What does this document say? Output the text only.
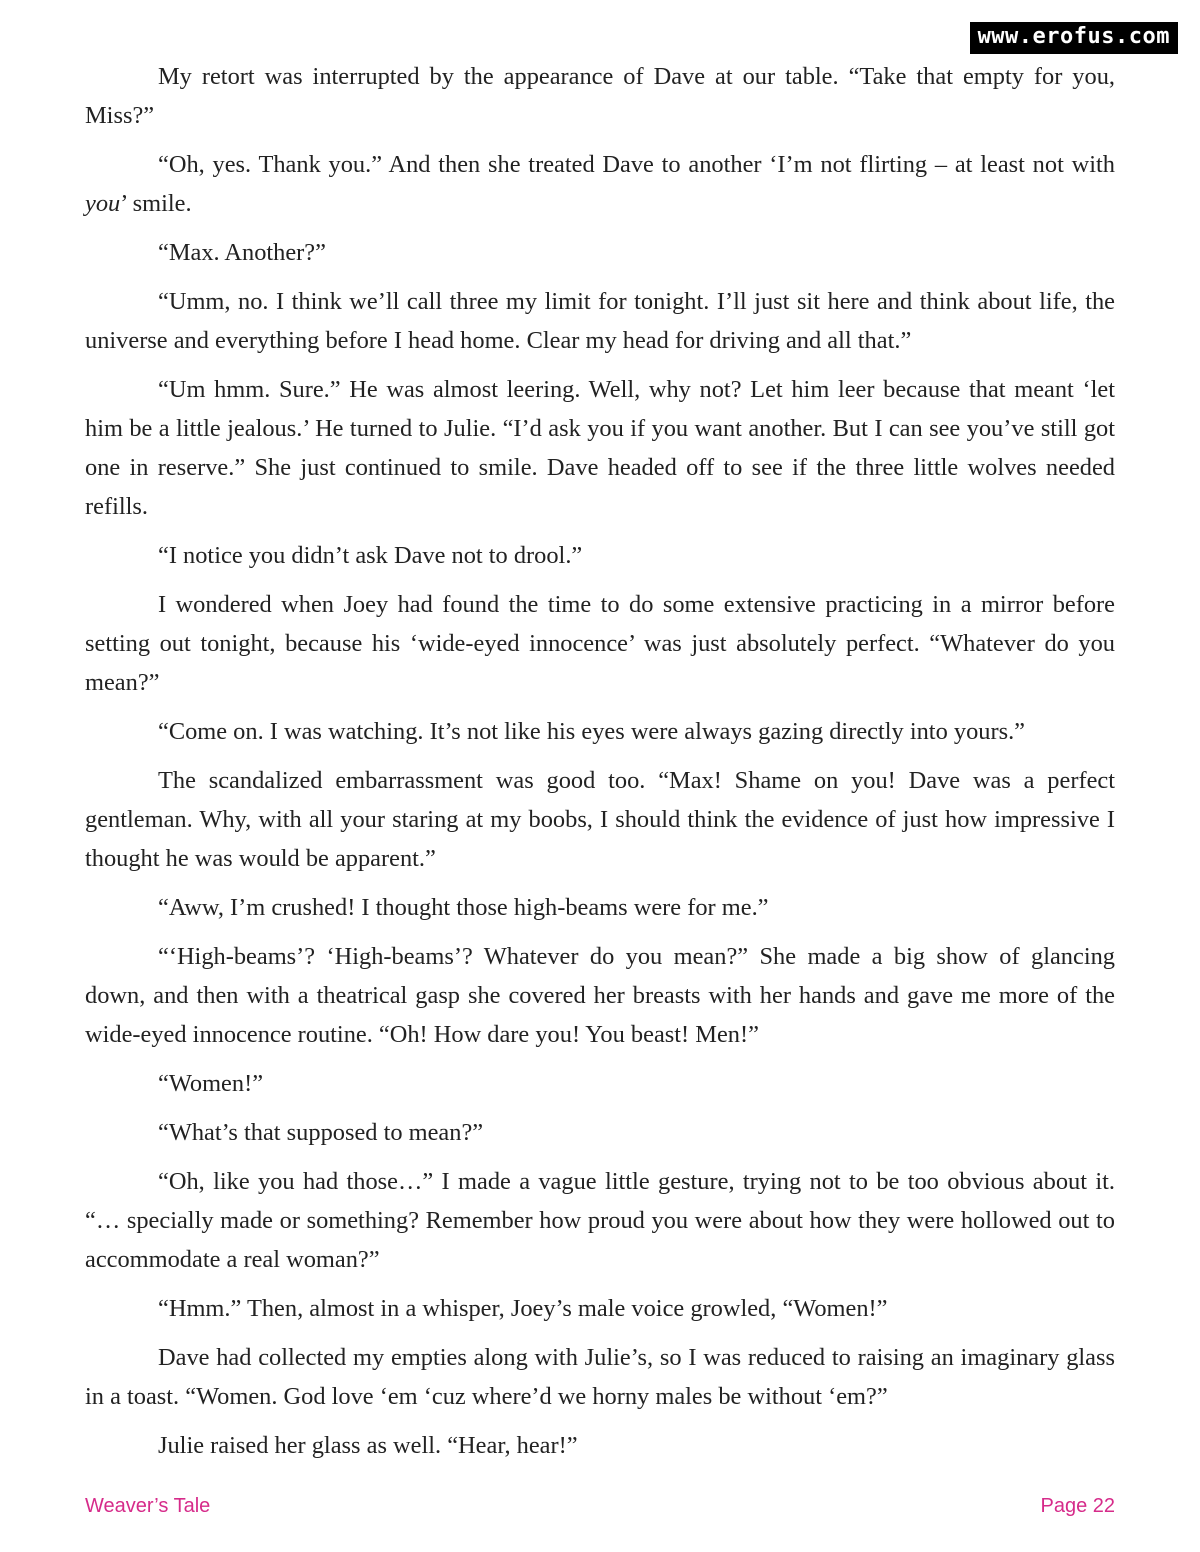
www.erofus.com

My retort was interrupted by the appearance of Dave at our table. “Take that empty for you, Miss?”

“Oh, yes. Thank you.” And then she treated Dave to another ‘I’m not flirting – at least not with you’ smile.

“Max. Another?”

“Umm, no. I think we’ll call three my limit for tonight. I’ll just sit here and think about life, the universe and everything before I head home. Clear my head for driving and all that.”

“Um hmm. Sure.” He was almost leering. Well, why not? Let him leer because that meant ‘let him be a little jealous.’ He turned to Julie. “I’d ask you if you want another. But I can see you’ve still got one in reserve.” She just continued to smile. Dave headed off to see if the three little wolves needed refills.

“I notice you didn’t ask Dave not to drool.”

I wondered when Joey had found the time to do some extensive practicing in a mirror before setting out tonight, because his ‘wide-eyed innocence’ was just absolutely perfect. “Whatever do you mean?”

“Come on. I was watching. It’s not like his eyes were always gazing directly into yours.”

The scandalized embarrassment was good too. “Max! Shame on you! Dave was a perfect gentleman. Why, with all your staring at my boobs, I should think the evidence of just how impressive I thought he was would be apparent.”

“Aww, I’m crushed! I thought those high-beams were for me.”

“‘High-beams’? ‘High-beams’? Whatever do you mean?” She made a big show of glancing down, and then with a theatrical gasp she covered her breasts with her hands and gave me more of the wide-eyed innocence routine. “Oh! How dare you! You beast! Men!”

“Women!”

“What’s that supposed to mean?”

“Oh, like you had those…” I made a vague little gesture, trying not to be too obvious about it. “… specially made or something? Remember how proud you were about how they were hollowed out to accommodate a real woman?”

“Hmm.” Then, almost in a whisper, Joey’s male voice growled, “Women!”

Dave had collected my empties along with Julie’s, so I was reduced to raising an imaginary glass in a toast. “Women. God love ‘em ‘cuz where’d we horny males be without ‘em?”

Julie raised her glass as well. “Hear, hear!”

Weaver’s Tale	Page 22
